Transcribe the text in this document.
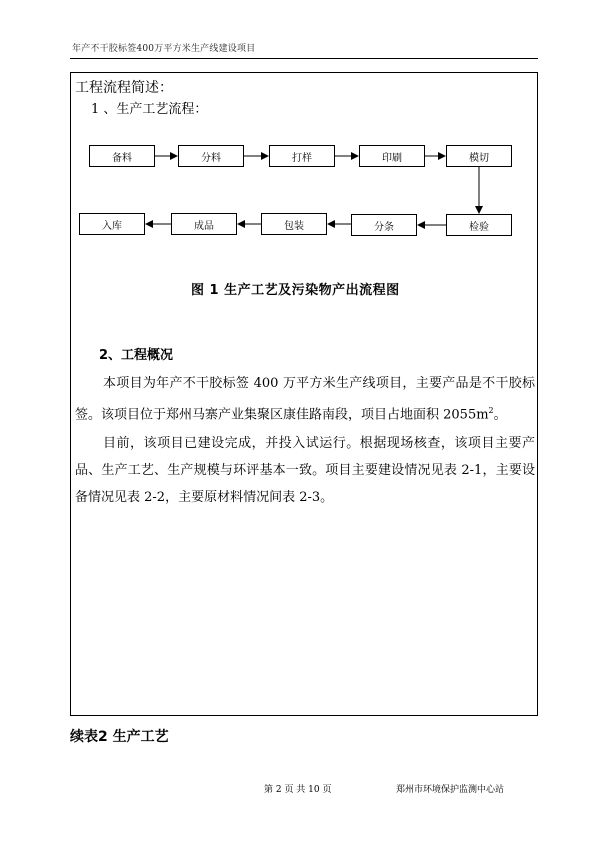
年产不干胶标签400万平方米生产线建设项目
工程流程简述：
1 、生产工艺流程：
备料	分料	打样	印刷	模切
入库	成品	包装	分条	检验
图 1 生产工艺及污染物产出流程图
2、工程概况
本项目为年产不干胶标签 400 万平方米生产线项目，主要产品是不干胶标签。该项目位于郑州马寨产业集聚区康佳路南段，项目占地面积 $2055m^2$。
目前，该项目已建设完成，并投入试运行。根据现场核查，该项目主要产品、生产工艺、生产规模与环评基本一致。项目主要建设情况见表 2-1，主要设备情况见表 2-2，主要原材料情况间表 2-3。
续表2 生产工艺
第 2 页 共 10 页	郑州市环境保护监测中心站
